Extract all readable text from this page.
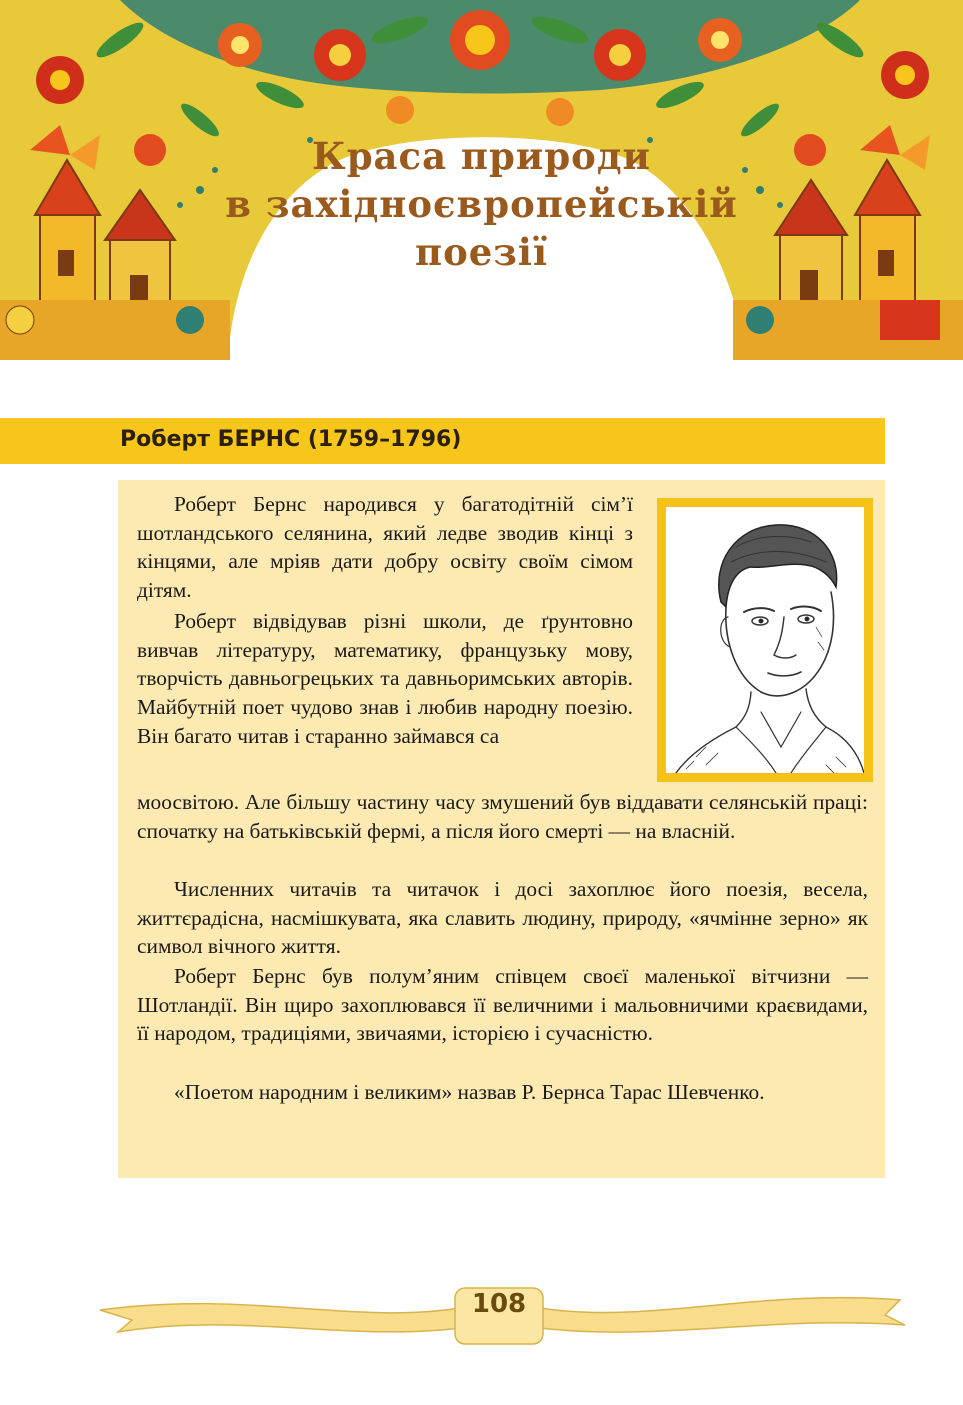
Краса природи
в західноєвропейській
поезії
Роберт БЕРНС (1759–1796)

Роберт Бернс народився у багатодітній сім’ї шотландського селянина, який ледве зводив кінці з кінцями, але мріяв дати добру освіту своїм сімом дітям.

Роберт відвідував різні школи, де ґрунтовно вивчав літературу, математику, французьку мову, творчість давньогрецьких та давньоримських авторів. Майбутній поет чудово знав і любив народну поезію. Він багато читав і старанно займався са

моосвітою. Але більшу частину часу змушений був віддавати селянській праці: спочатку на батьківській фермі, а після його смерті — на власній.

Численних читачів та читачок і досі захоплює його поезія, весела, життєрадісна, насмішкувата, яка славить людину, природу, «ячмінне зерно» як символ вічного життя.

Роберт Бернс був полум’яним співцем своєї маленької вітчизни — Шотландії. Він щиро захоплювався її величними і мальовничими краєвидами, її народом, традиціями, звичаями, історією і сучасністю.

«Поетом народним і великим» назвав Р. Бернса Тарас Шевченко.

108
